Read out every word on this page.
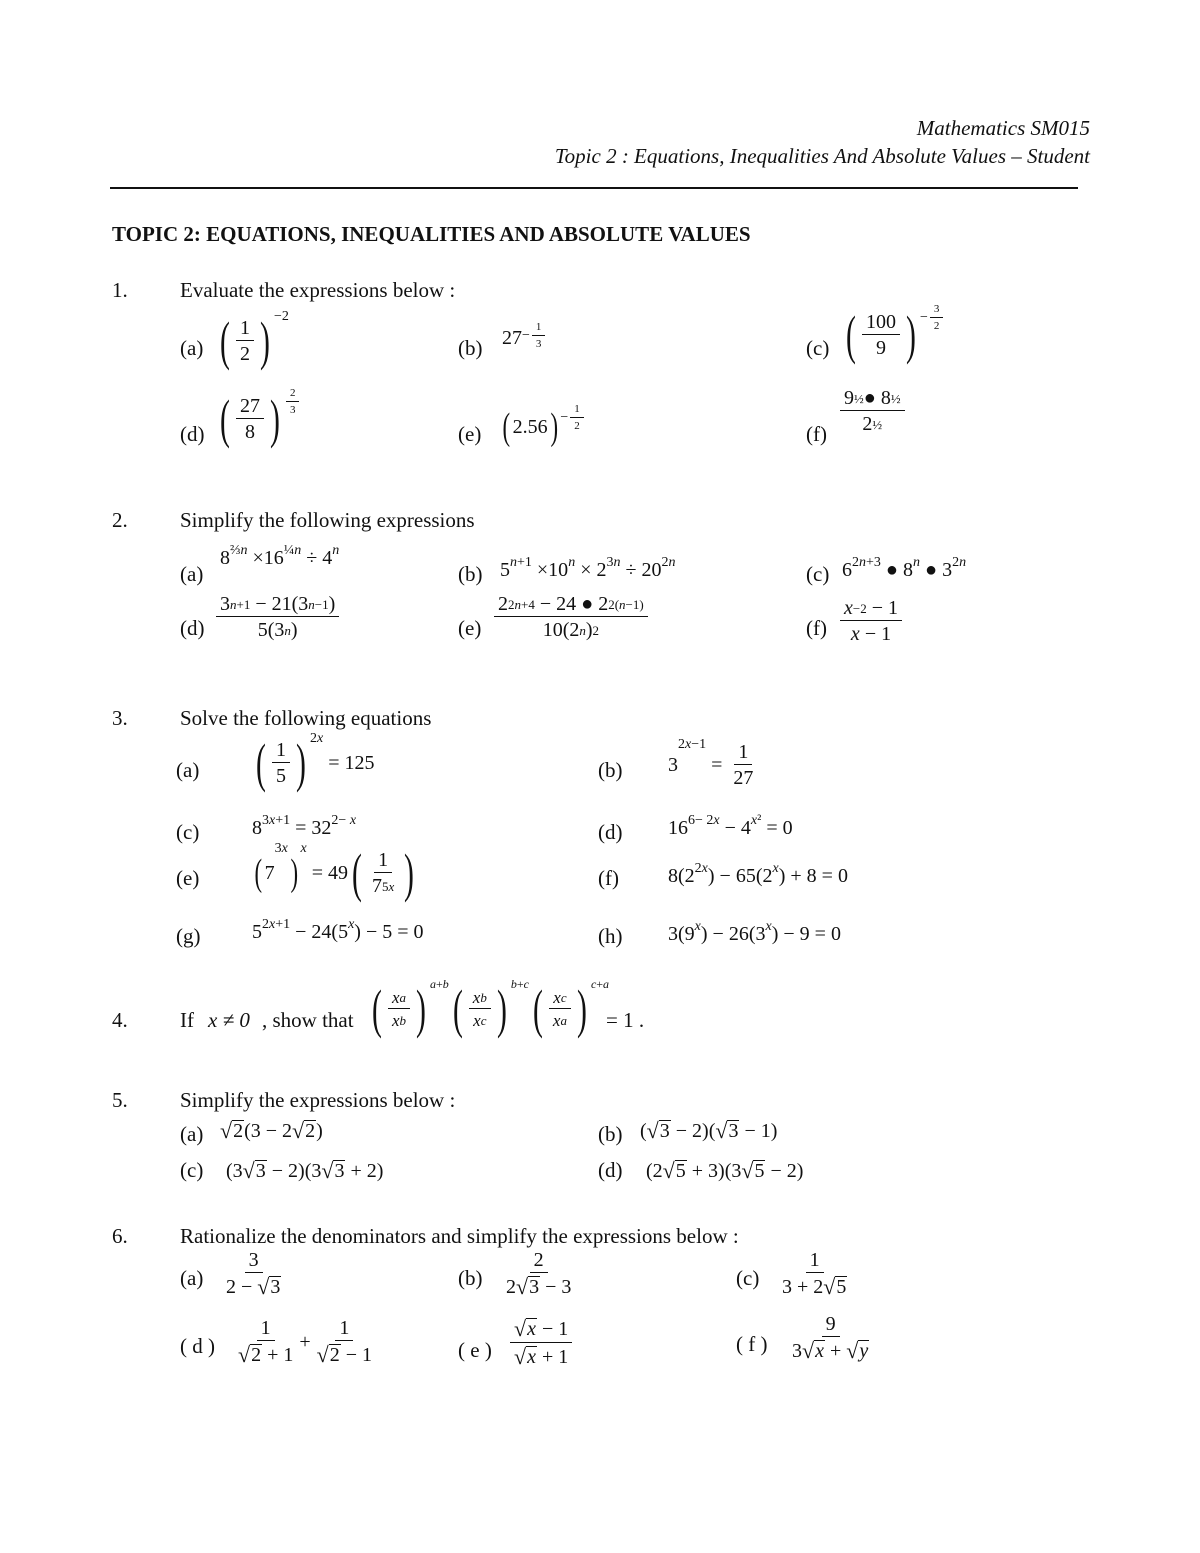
Mathematics SM015
Topic 2 : Equations, Inequalities And Absolute Values – Student
TOPIC 2: EQUATIONS, INEQUALITIES AND ABSOLUTE VALUES
1. Evaluate the expressions below :
(a) ( 1
2 ) −2
(b) 27 −
1
3	(c) ( 100
9 ) −
3
2
(d) ( 27
8 ) 2
3
(e) ( 2.56 ) −
1
2	(f)
9 ½ ● 8 ½
2 ½
2. Simplify the following expressions
(a)
8 ⅔n ×16 ¼n ÷ 4 n
(b) 5 n+1 ×10 n × 2 3n ÷ 20 2n	(c) 6 2n+3 ● 8 n ● 3 2n
(d)
3 n+1 − 21(3 n−1 )
5(3 n )	(e)
2 2n+4 − 24 ● 2 2(n−1)
10(2 n ) 2	(f)
x −2 − 1
x − 1
3. Solve the following equations
(a) ( 1
5 ) 2x
= 125	(b) 3
2x−1
= $\frac{1}{27}$
(c)	8 3x+1 = 32 2− x	(d) 16 6− 2x − 4 x² = 0
(e) ( 7
3x
)
x
= 49 ( 1
7 5x )	(f) 8(2 2x ) − 65(2 x ) + 8 = 0
(g)	5 2x+1 − 24(5 x ) − 5 = 0	(h) 3(9 x ) − 26(3 x ) − 9 = 0
4. If x ≠ 0 , show that ( x a
x b ) a+b ( x b
x c ) b+c ( x c
x a ) c+a
= 1 .
5. Simplify the expressions below :
(a) √ 2 (3 − 2 √ 2 )	(b) ( √ 3 − 2)( √ 3 − 1)
(c) (3 √ 3 − 2)(3 √ 3 + 2)	(d) (2 √ 5 + 3)(3 √ 5 − 2)
6. Rationalize the denominators and simplify the expressions below :
(a)
3
2 − √ 3	(b)
2
2 √ 3 − 3	(c)
1
3 + 2 √ 5
( d )
1
√ 2 + 1
+ $\frac{1}{√ 2 - 1}$	( e )
√ x − 1
√ x + 1
( f )
9
3 √ x + √ y
